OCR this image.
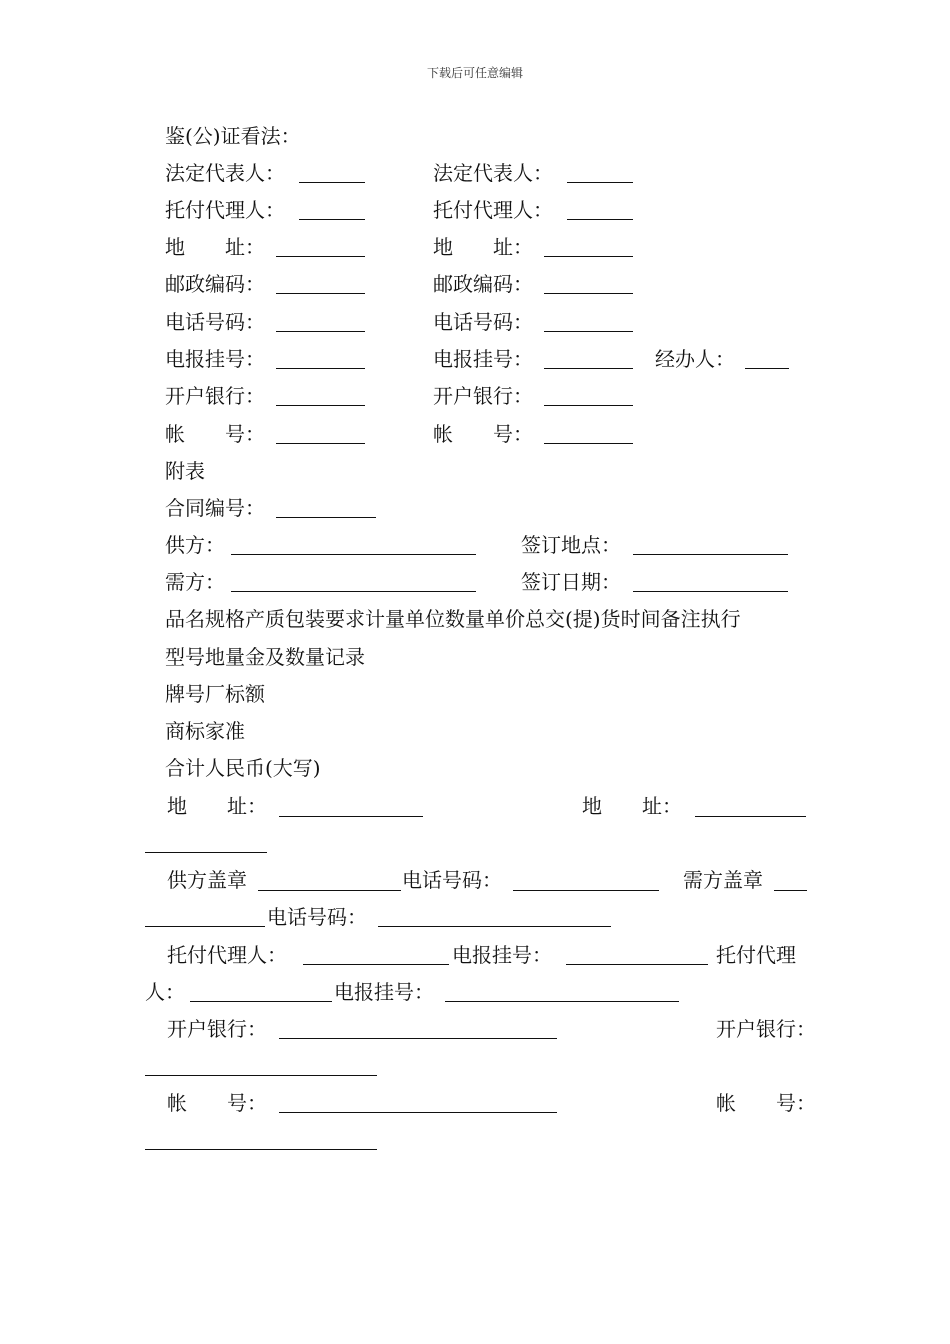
下载后可任意编辑
鉴(公)证看法：
法定代表人：	法定代表人：
托付代理人：	托付代理人：
地　　址：	地　　址：
邮政编码：	邮政编码：
电话号码：	电话号码：
电报挂号：	电报挂号：	经办人：
开户银行：	开户银行：
帐　　号：	帐　　号：
附表
合同编号：
供方：	签订地点：
需方：	签订日期：
品名规格产质包装要求计量单位数量单价总交(提)货时间备注执行
型号地量金及数量记录
牌号厂标额
商标家准
合计人民币(大写)
地　　址：	地　　址：
供方盖章	电话号码：	需方盖章
电话号码：
托付代理人：	电报挂号：	托付代理
人：	电报挂号：
开户银行：	开户银行：
帐　　号：	帐　　号：
